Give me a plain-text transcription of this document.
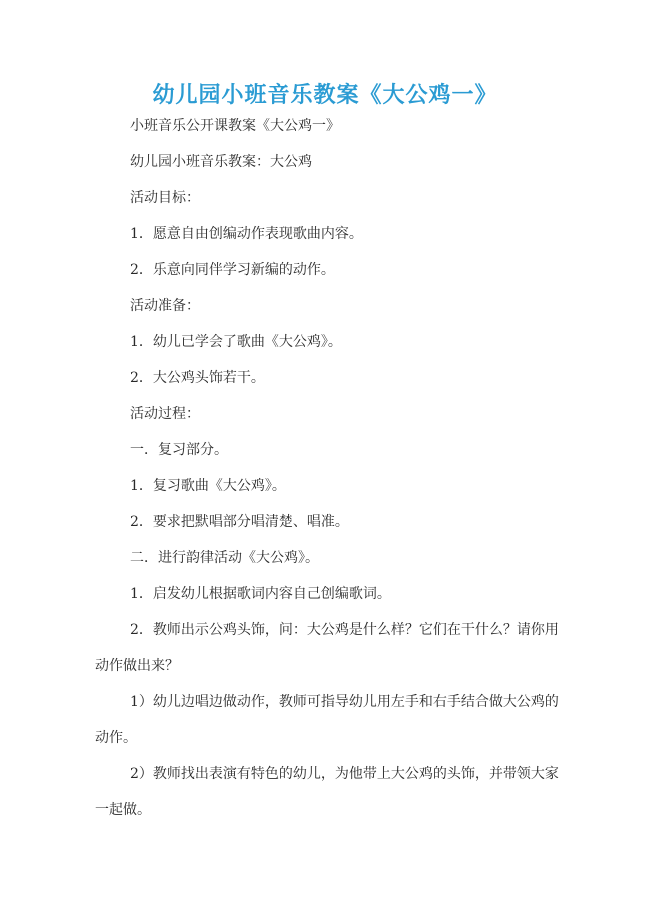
幼儿园小班音乐教案《大公鸡一》
小班音乐公开课教案《大公鸡一》
幼儿园小班音乐教案：大公鸡
活动目标：
1．愿意自由创编动作表现歌曲内容。
2．乐意向同伴学习新编的动作。
活动准备：
1．幼儿已学会了歌曲《大公鸡》。
2．大公鸡头饰若干。
活动过程：
一．复习部分。
1．复习歌曲《大公鸡》。
2．要求把默唱部分唱清楚、唱准。
二．进行韵律活动《大公鸡》。
1．启发幼儿根据歌词内容自己创编歌词。
2．教师出示公鸡头饰，问：大公鸡是什么样？它们在干什么？请你用动作做出来？
1）幼儿边唱边做动作，教师可指导幼儿用左手和右手结合做大公鸡的动作。
2）教师找出表演有特色的幼儿，为他带上大公鸡的头饰，并带领大家一起做。
